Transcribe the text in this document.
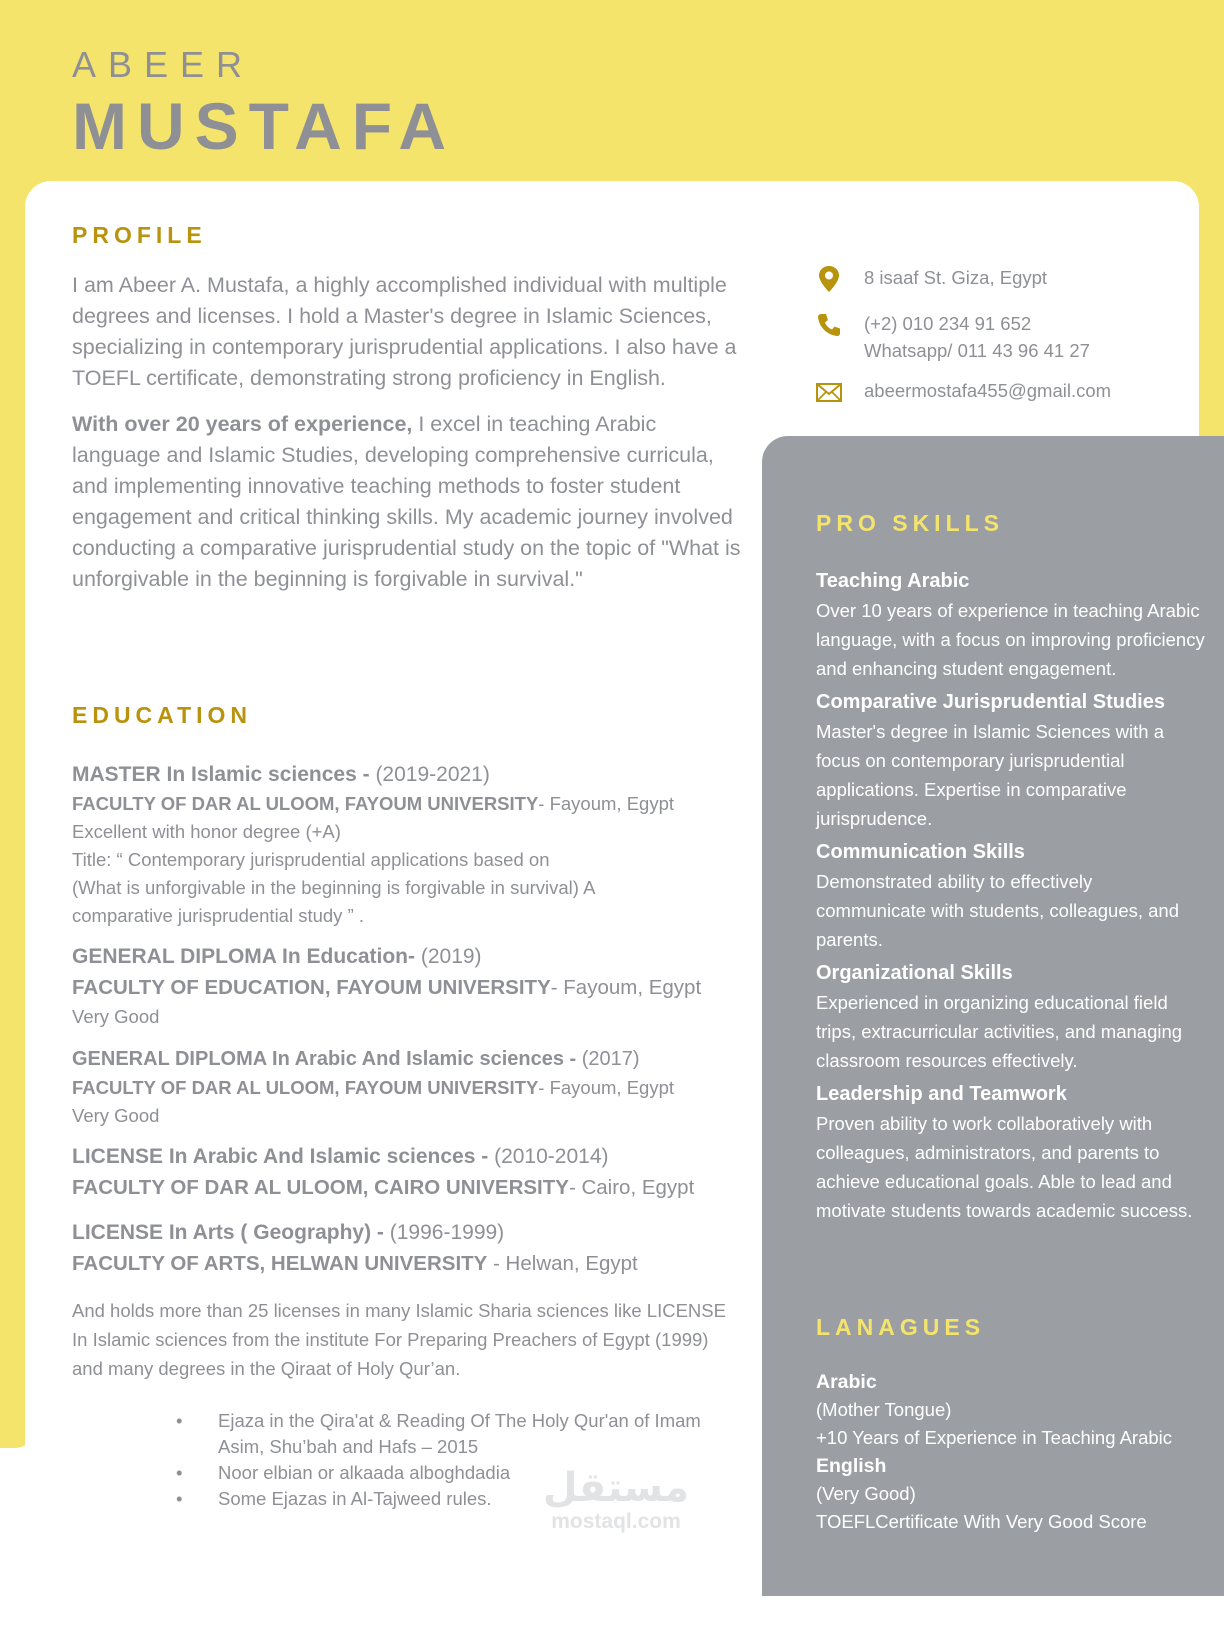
ABEER
MUSTAFA
PROFILE

I am Abeer A. Mustafa, a highly accomplished individual with multiple degrees and licenses. I hold a Master's degree in Islamic Sciences, specializing in contemporary jurisprudential applications. I also have a TOEFL certificate, demonstrating strong proficiency in English.

With over 20 years of experience, I excel in teaching Arabic language and Islamic Studies, developing comprehensive curricula, and implementing innovative teaching methods to foster student engagement and critical thinking skills. My academic journey involved conducting a comparative jurisprudential study on the topic of "What is unforgivable in the beginning is forgivable in survival."

8 isaaf St. Giza, Egypt
(+2) 010 234 91 652
Whatsapp/ 011 43 96 41 27
abeermostafa455@gmail.com
EDUCATION
MASTER In Islamic sciences - (2019-2021)
FACULTY OF DAR AL ULOOM, FAYOUM UNIVERSITY- Fayoum, Egypt
Excellent with honor degree (+A)
Title: “ Contemporary jurisprudential applications based on
(What is unforgivable in the beginning is forgivable in survival) A
comparative jurisprudential study ” .
GENERAL DIPLOMA In Education- (2019)
FACULTY OF EDUCATION, FAYOUM UNIVERSITY- Fayoum, Egypt
Very Good
GENERAL DIPLOMA In Arabic And Islamic sciences - (2017)
FACULTY OF DAR AL ULOOM, FAYOUM UNIVERSITY- Fayoum, Egypt
Very Good
LICENSE In Arabic And Islamic sciences - (2010-2014)
FACULTY OF DAR AL ULOOM, CAIRO UNIVERSITY- Cairo, Egypt
LICENSE In Arts ( Geography) - (1996-1999)
FACULTY OF ARTS, HELWAN UNIVERSITY - Helwan, Egypt
And holds more than 25 licenses in many Islamic Sharia sciences like LICENSE In Islamic sciences from the institute For Preparing Preachers of Egypt (1999) and many degrees in the Qiraat of Holy Qur’an.
• Ejaza in the Qira'at & Reading Of The Holy Qur'an of Imam Asim, Shu’bah and Hafs – 2015
• Noor elbian or alkaada alboghdadia
• Some Ejazas in Al-Tajweed rules.	مستقل
mostaql.com
PRO SKILLS
Teaching Arabic
Over 10 years of experience in teaching Arabic language, with a focus on improving proficiency and enhancing student engagement.
Comparative Jurisprudential Studies
Master's degree in Islamic Sciences with a focus on contemporary jurisprudential applications. Expertise in comparative jurisprudence.
Communication Skills
Demonstrated ability to effectively communicate with students, colleagues, and parents.
Organizational Skills
Experienced in organizing educational field trips, extracurricular activities, and managing classroom resources effectively.
Leadership and Teamwork
Proven ability to work collaboratively with colleagues, administrators, and parents to achieve educational goals. Able to lead and motivate students towards academic success.
LANAGUES
Arabic
(Mother Tongue)
+10 Years of Experience in Teaching Arabic
English
(Very Good)
TOEFLCertificate With Very Good Score
